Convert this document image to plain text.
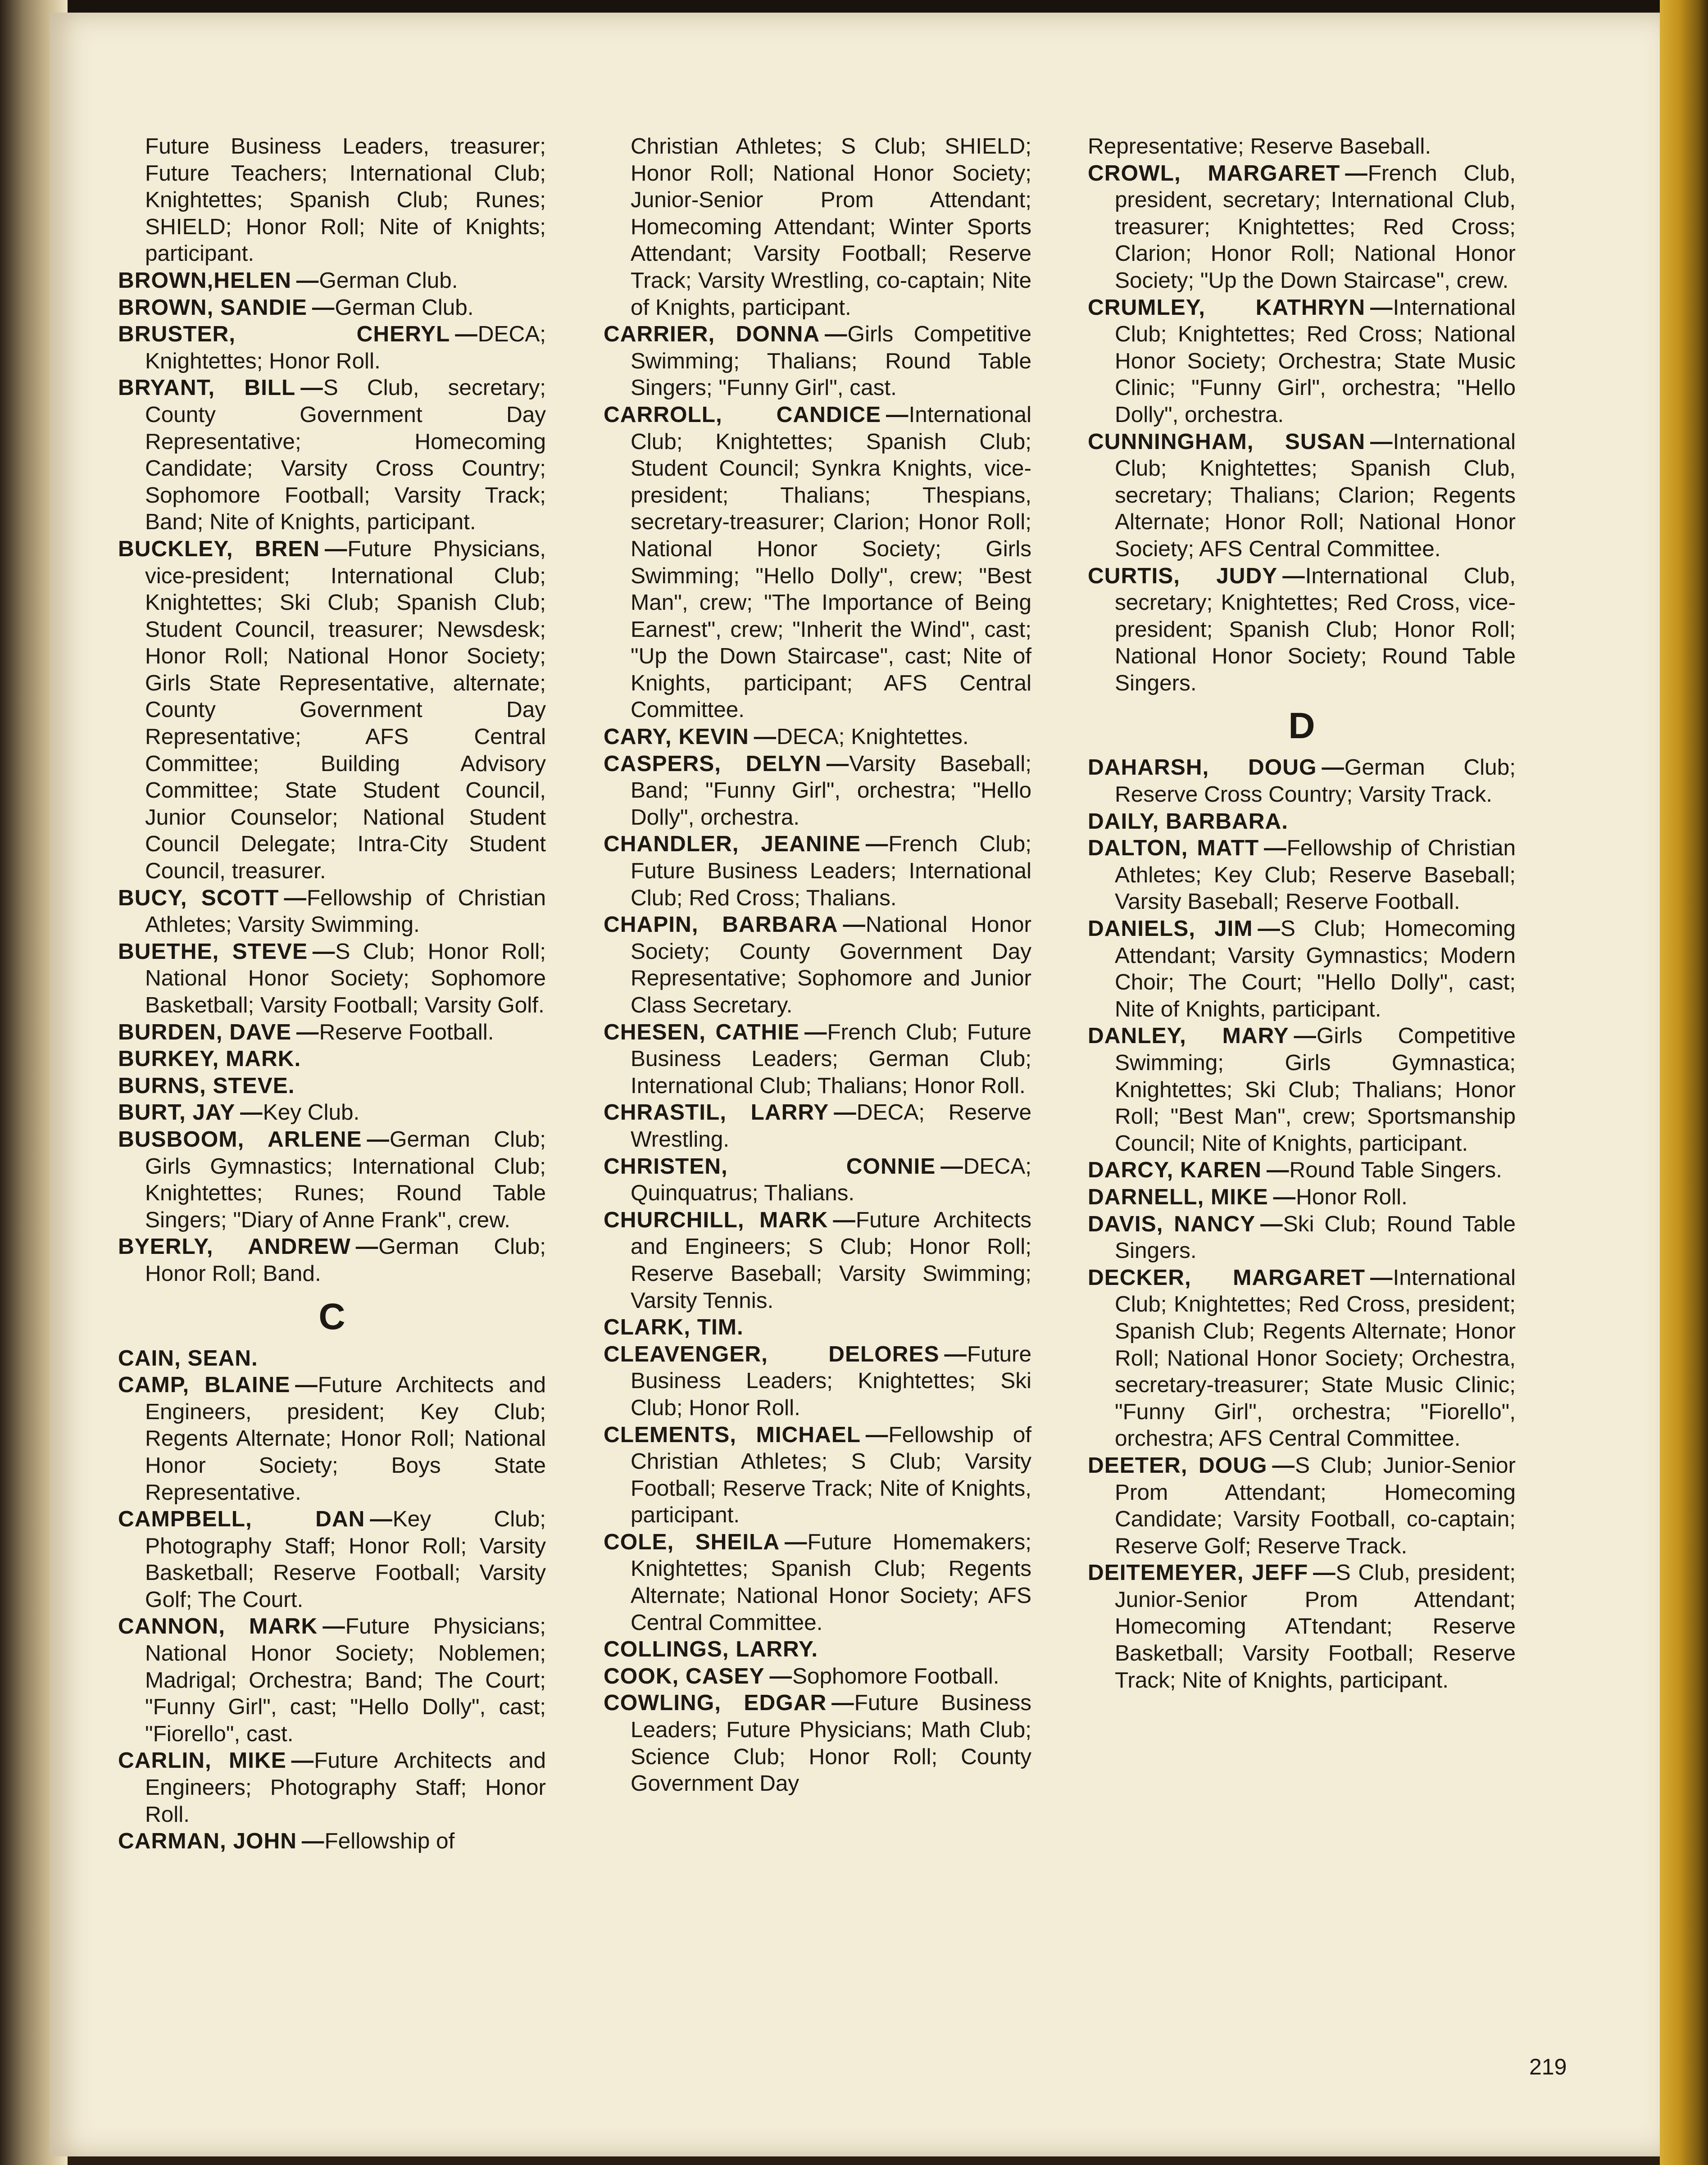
Future Business Leaders, treasurer; Future Teachers; International Club; Knightettes; Spanish Club; Runes; SHIELD; Honor Roll; Nite of Knights; participant.

BROWN,HELEN —German Club.

BROWN, SANDIE —German Club.

BRUSTER, CHERYL —DECA; Knightettes; Honor Roll.

BRYANT, BILL —S Club, secretary; County Government Day Representative; Homecoming Candidate; Varsity Cross Country; Sophomore Football; Varsity Track; Band; Nite of Knights, participant.

BUCKLEY, BREN —Future Physicians, vice-president; International Club; Knightettes; Ski Club; Spanish Club; Student Council, treasurer; Newsdesk; Honor Roll; National Honor Society; Girls State Representative, alternate; County Government Day Representative; AFS Central Committee; Building Advisory Committee; State Student Council, Junior Counselor; National Student Council Delegate; Intra-City Student Council, treasurer.

BUCY, SCOTT —Fellowship of Christian Athletes; Varsity Swimming.

BUETHE, STEVE —S Club; Honor Roll; National Honor Society; Sophomore Basketball; Varsity Football; Varsity Golf.

BURDEN, DAVE —Reserve Football.

BURKEY, MARK.

BURNS, STEVE.

BURT, JAY —Key Club.

BUSBOOM, ARLENE —German Club; Girls Gymnastics; International Club; Knightettes; Runes; Round Table Singers; "Diary of Anne Frank", crew.

BYERLY, ANDREW —German Club; Honor Roll; Band.

C

CAIN, SEAN.

CAMP, BLAINE —Future Architects and Engineers, president; Key Club; Regents Alternate; Honor Roll; National Honor Society; Boys State Representative.

CAMPBELL, DAN —Key Club; Photography Staff; Honor Roll; Varsity Basketball; Reserve Football; Varsity Golf; The Court.

CANNON, MARK —Future Physicians; National Honor Society; Noblemen; Madrigal; Orchestra; Band; The Court; "Funny Girl", cast; "Hello Dolly", cast; "Fiorello", cast.

CARLIN, MIKE —Future Architects and Engineers; Photography Staff; Honor Roll.

CARMAN, JOHN —Fellowship of

Christian Athletes; S Club; SHIELD; Honor Roll; National Honor Society; Junior-Senior Prom Attendant; Homecoming Attendant; Winter Sports Attendant; Varsity Football; Reserve Track; Varsity Wrestling, co-captain; Nite of Knights, participant.

CARRIER, DONNA —Girls Competitive Swimming; Thalians; Round Table Singers; "Funny Girl", cast.

CARROLL, CANDICE —International Club; Knightettes; Spanish Club; Student Council; Synkra Knights, vice-president; Thalians; Thespians, secretary-treasurer; Clarion; Honor Roll; National Honor Society; Girls Swimming; "Hello Dolly", crew; "Best Man", crew; "The Importance of Being Earnest", crew; "Inherit the Wind", cast; "Up the Down Staircase", cast; Nite of Knights, participant; AFS Central Committee.

CARY, KEVIN —DECA; Knightettes.

CASPERS, DELYN —Varsity Baseball; Band; "Funny Girl", orchestra; "Hello Dolly", orchestra.

CHANDLER, JEANINE —French Club; Future Business Leaders; International Club; Red Cross; Thalians.

CHAPIN, BARBARA —National Honor Society; County Government Day Representative; Sophomore and Junior Class Secretary.

CHESEN, CATHIE —French Club; Future Business Leaders; German Club; International Club; Thalians; Honor Roll.

CHRASTIL, LARRY —DECA; Reserve Wrestling.

CHRISTEN, CONNIE —DECA; Quinquatrus; Thalians.

CHURCHILL, MARK —Future Architects and Engineers; S Club; Honor Roll; Reserve Baseball; Varsity Swimming; Varsity Tennis.

CLARK, TIM.

CLEAVENGER, DELORES —Future Business Leaders; Knightettes; Ski Club; Honor Roll.

CLEMENTS, MICHAEL —Fellowship of Christian Athletes; S Club; Varsity Football; Reserve Track; Nite of Knights, participant.

COLE, SHEILA —Future Homemakers; Knightettes; Spanish Club; Regents Alternate; National Honor Society; AFS Central Committee.

COLLINGS, LARRY.

COOK, CASEY —Sophomore Football.

COWLING, EDGAR —Future Business Leaders; Future Physicians; Math Club; Science Club; Honor Roll; County Government Day

Representative; Reserve Baseball.

CROWL, MARGARET —French Club, president, secretary; International Club, treasurer; Knightettes; Red Cross; Clarion; Honor Roll; National Honor Society; "Up the Down Staircase", crew.

CRUMLEY, KATHRYN —International Club; Knightettes; Red Cross; National Honor Society; Orchestra; State Music Clinic; "Funny Girl", orchestra; "Hello Dolly", orchestra.

CUNNINGHAM, SUSAN —International Club; Knightettes; Spanish Club, secretary; Thalians; Clarion; Regents Alternate; Honor Roll; National Honor Society; AFS Central Committee.

CURTIS, JUDY —International Club, secretary; Knightettes; Red Cross, vice-president; Spanish Club; Honor Roll; National Honor Society; Round Table Singers.

D

DAHARSH, DOUG —German Club; Reserve Cross Country; Varsity Track.

DAILY, BARBARA.

DALTON, MATT —Fellowship of Christian Athletes; Key Club; Reserve Baseball; Varsity Baseball; Reserve Football.

DANIELS, JIM —S Club; Homecoming Attendant; Varsity Gymnastics; Modern Choir; The Court; "Hello Dolly", cast; Nite of Knights, participant.

DANLEY, MARY —Girls Competitive Swimming; Girls Gymnastica; Knightettes; Ski Club; Thalians; Honor Roll; "Best Man", crew; Sportsmanship Council; Nite of Knights, participant.

DARCY, KAREN —Round Table Singers.

DARNELL, MIKE —Honor Roll.

DAVIS, NANCY —Ski Club; Round Table Singers.

DECKER, MARGARET —International Club; Knightettes; Red Cross, president; Spanish Club; Regents Alternate; Honor Roll; National Honor Society; Orchestra, secretary-treasurer; State Music Clinic; "Funny Girl", orchestra; "Fiorello", orchestra; AFS Central Committee.

DEETER, DOUG —S Club; Junior-Senior Prom Attendant; Homecoming Candidate; Varsity Football, co-captain; Reserve Golf; Reserve Track.

DEITEMEYER, JEFF —S Club, president; Junior-Senior Prom Attendant; Homecoming ATtendant; Reserve Basketball; Varsity Football; Reserve Track; Nite of Knights, participant.

219
